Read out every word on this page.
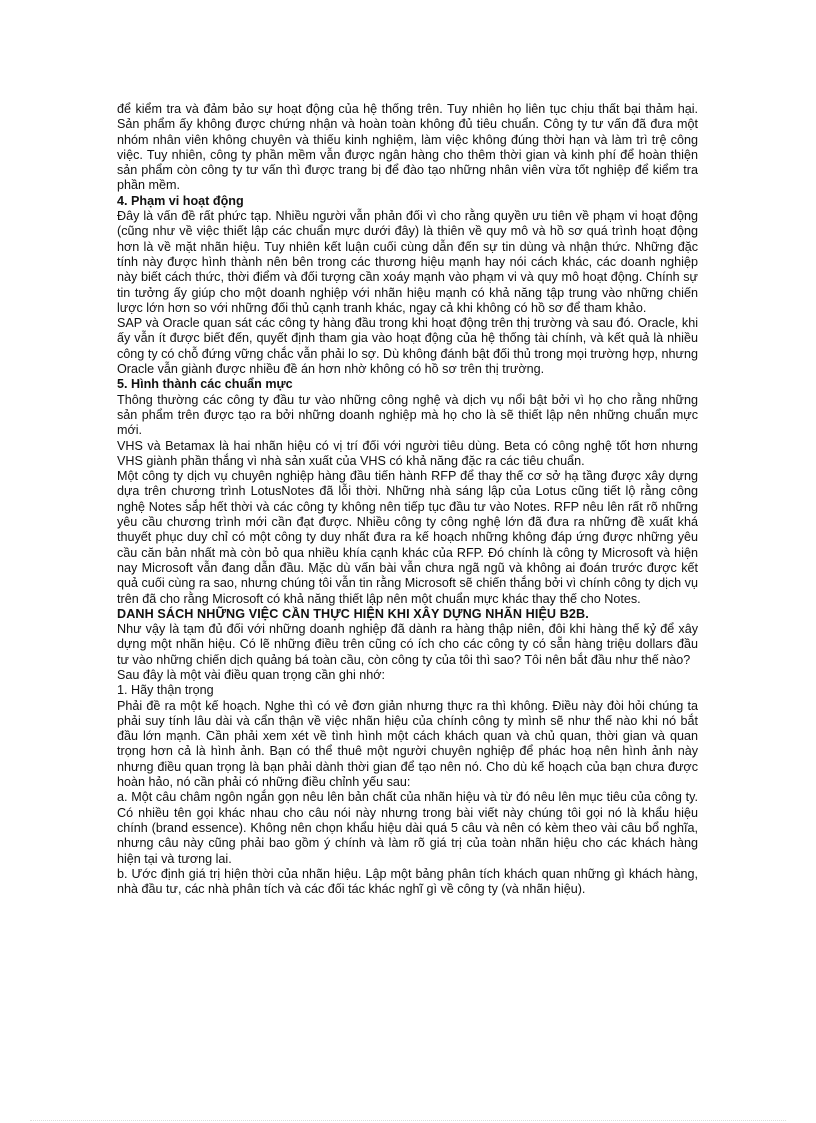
để kiểm tra và đảm bảo sự hoạt động của hệ thống trên. Tuy nhiên họ liên tục chịu thất bại thảm hại. Sản phẩm ấy không được chứng nhận và hoàn toàn không đủ tiêu chuẩn. Công ty tư vấn đã đưa một nhóm nhân viên không chuyên và thiếu kinh nghiệm, làm việc không đúng thời hạn và làm trì trệ công việc. Tuy nhiên, công ty phần mềm vẫn được ngân hàng cho thêm thời gian và kinh phí để hoàn thiện sản phẩm còn công ty tư vấn thì được trang bị để đào tạo những nhân viên vừa tốt nghiệp để kiểm tra phần mềm.

4. Phạm vi hoạt động

Đây là vấn đề rất phức tạp. Nhiều người vẫn phản đối vì cho rằng quyền ưu tiên về phạm vi hoạt động (cũng như về việc thiết lập các chuẩn mực dưới đây) là thiên về quy mô và hồ sơ quá trình hoạt động hơn là về mặt nhãn hiệu. Tuy nhiên kết luận cuối cùng dẫn đến sự tin dùng và nhận thức. Những đặc tính này được hình thành nên bên trong các thương hiệu mạnh hay nói cách khác, các doanh nghiệp này biết cách thức, thời điểm và đối tượng cần xoáy mạnh vào phạm vi và quy mô hoạt động. Chính sự tin tưởng ấy giúp cho một doanh nghiệp với nhãn hiệu mạnh có khả năng tập trung vào những chiến lược lớn hơn so với những đối thủ cạnh tranh khác, ngay cả khi không có hồ sơ để tham khảo.

SAP và Oracle quan sát các công ty hàng đầu trong khi hoạt động trên thị trường và sau đó. Oracle, khi ấy vẫn ít được biết đến, quyết định tham gia vào hoạt động của hệ thống tài chính, và kết quả là nhiều công ty có chỗ đứng vững chắc vẫn phải lo sợ. Dù không đánh bật đối thủ trong mọi trường hợp, nhưng Oracle vẫn giành được nhiều đề án hơn nhờ không có hồ sơ trên thị trường.

5. Hình thành các chuẩn mực

Thông thường các công ty đầu tư vào những công nghệ và dịch vụ nổi bật bởi vì họ cho rằng những sản phẩm trên được tạo ra bởi những doanh nghiệp mà họ cho là sẽ thiết lập nên những chuẩn mực mới.

VHS và Betamax là hai nhãn hiệu có vị trí đối với người tiêu dùng. Beta có công nghệ tốt hơn nhưng VHS giành phần thắng vì nhà sản xuất của VHS có khả năng đặc ra các tiêu chuẩn.

Một công ty dịch vụ chuyên nghiệp hàng đầu tiến hành RFP để thay thế cơ sở hạ tầng được xây dựng dựa trên chương trình LotusNotes đã lỗi thời. Những nhà sáng lập của Lotus cũng tiết lộ rằng công nghệ Notes sắp hết thời và các công ty không nên tiếp tục đầu tư vào Notes. RFP nêu lên rất rõ những yêu cầu chương trình mới cần đạt được. Nhiều công ty công nghệ lớn đã đưa ra những đề xuất khá thuyết phục duy chỉ có một công ty duy nhất đưa ra kế hoạch những không đáp ứng được những yêu cầu căn bản nhất mà còn bỏ qua nhiều khía cạnh khác của RFP. Đó chính là công ty Microsoft và hiện nay Microsoft vẫn đang dẫn đầu. Mặc dù vấn bài vẫn chưa ngã ngũ và không ai đoán trước được kết quả cuối cùng ra sao, nhưng chúng tôi vẫn tin rằng Microsoft sẽ chiến thắng bởi vì chính công ty dịch vụ trên đã cho rằng Microsoft có khả năng thiết lập nên một chuẩn mực khác thay thế cho Notes.

DANH SÁCH NHỮNG VIỆC CẦN THỰC HIỆN KHI XÂY DỰNG NHÃN HIỆU B2B.

Như vậy là tạm đủ đối với những doanh nghiệp đã dành ra hàng thập niên, đôi khi hàng thế kỷ để xây dựng một nhãn hiệu. Có lẽ những điều trên cũng có ích cho các công ty có sẵn hàng triệu dollars đầu tư vào những chiến dịch quảng bá toàn cầu, còn công ty của tôi thì sao? Tôi nên bắt đầu như thế nào?

Sau đây là một vài điều quan trọng cần ghi nhớ:

1. Hãy thận trọng

Phải đề ra một kế hoạch. Nghe thì có vẻ đơn giản nhưng thực ra thì không. Điều này đòi hỏi chúng ta phải suy tính lâu dài và cẩn thận về việc nhãn hiệu của chính công ty mình sẽ như thế nào khi nó bắt đầu lớn mạnh. Cần phải xem xét về tình hình một cách khách quan và chủ quan, thời gian và quan trọng hơn cả là hình ảnh. Bạn có thể thuê một người chuyên nghiệp để phác hoạ nên hình ảnh này nhưng điều quan trọng là bạn phải dành thời gian để tạo nên nó. Cho dù kế hoạch của bạn chưa được hoàn hảo, nó cần phải có những điều chỉnh yếu sau:

a. Một câu châm ngôn ngắn gọn nêu lên bản chất của nhãn hiệu và từ đó nêu lên mục tiêu của công ty. Có nhiều tên gọi khác nhau cho câu nói này nhưng trong bài viết này chúng tôi gọi nó là khẩu hiệu chính (brand essence). Không nên chọn khẩu hiệu dài quá 5 câu và nên có kèm theo vài câu bổ nghĩa, nhưng câu này cũng phải bao gồm ý chính và làm rõ giá trị của toàn nhãn hiệu cho các khách hàng hiện tại và tương lai.

b. Ước định giá trị hiện thời của nhãn hiệu. Lập một bảng phân tích khách quan những gì khách hàng, nhà đầu tư, các nhà phân tích và các đối tác khác nghĩ gì về công ty (và nhãn hiệu).
